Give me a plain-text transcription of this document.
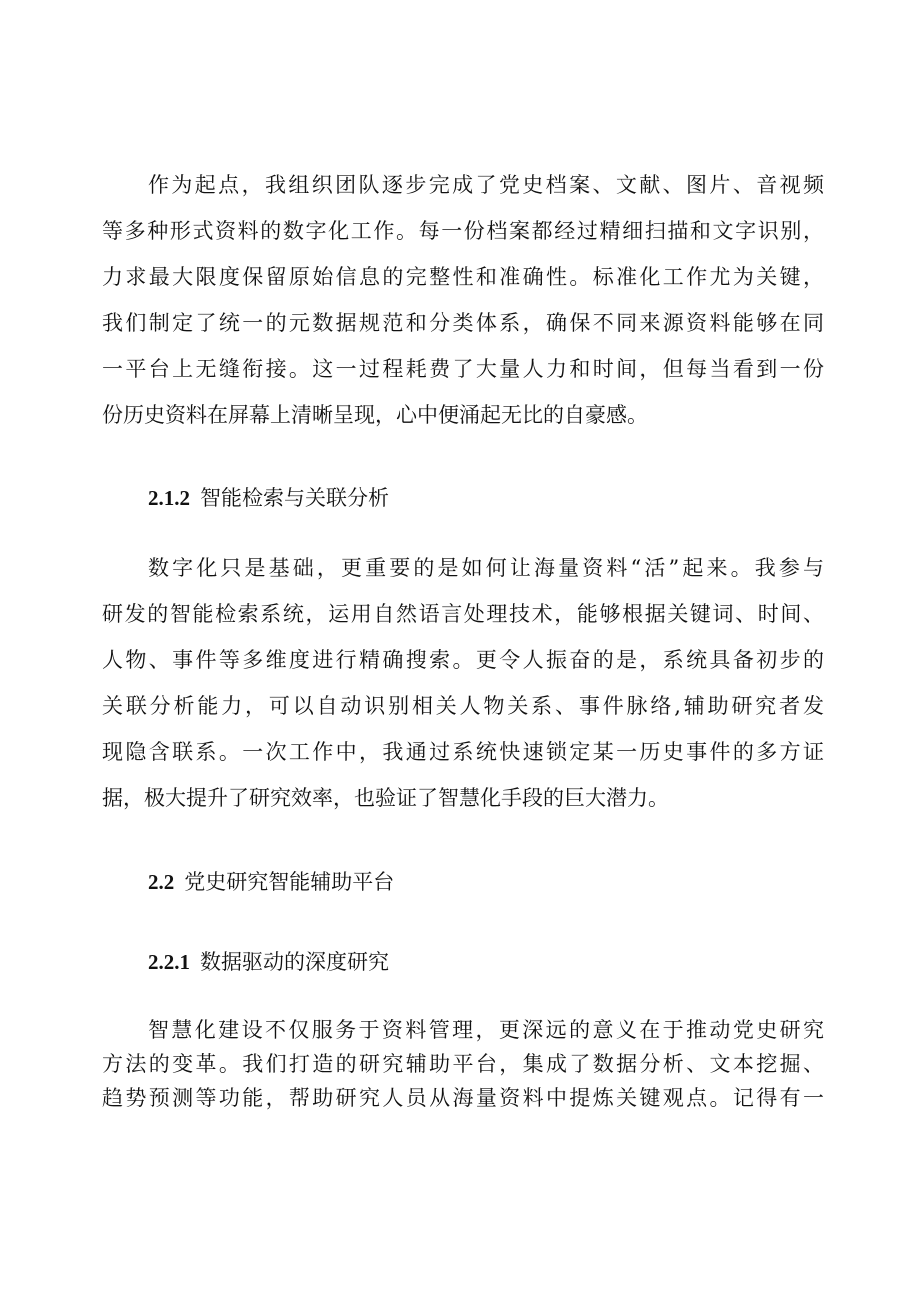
作为起点，我组织团队逐步完成了党史档案、文献、图片、音视频
等多种形式资料的数字化工作。每一份档案都经过精细扫描和文字识别，
力求最大限度保留原始信息的完整性和准确性。标准化工作尤为关键，
我们制定了统一的元数据规范和分类体系，确保不同来源资料能够在同
一平台上无缝衔接。这一过程耗费了大量人力和时间，但每当看到一份
份历史资料在屏幕上清晰呈现，心中便涌起无比的自豪感。
2.1.2 智能检索与关联分析
数字化只是基础，更重要的是如何让海量资料“活”起来。我参与
研发的智能检索系统，运用自然语言处理技术，能够根据关键词、时间、
人物、事件等多维度进行精确搜索。更令人振奋的是，系统具备初步的
关联分析能力，可以自动识别相关人物关系、事件脉络,辅助研究者发
现隐含联系。一次工作中，我通过系统快速锁定某一历史事件的多方证
据，极大提升了研究效率，也验证了智慧化手段的巨大潜力。
2.2 党史研究智能辅助平台
2.2.1 数据驱动的深度研究
智慧化建设不仅服务于资料管理，更深远的意义在于推动党史研究
方法的变革。我们打造的研究辅助平台，集成了数据分析、文本挖掘、
趋势预测等功能，帮助研究人员从海量资料中提炼关键观点。记得有一
